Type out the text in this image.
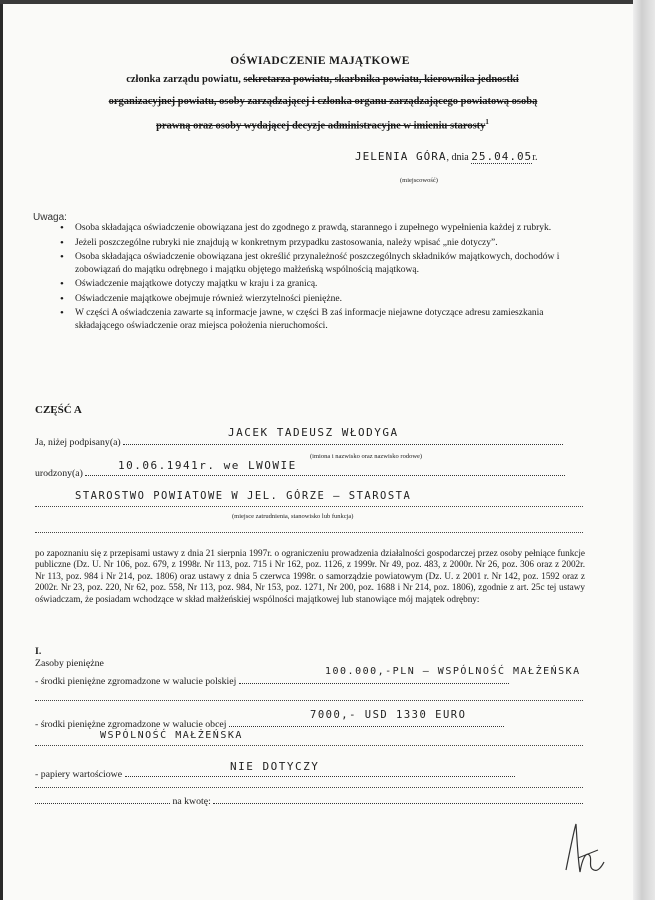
OŚWIADCZENIE MAJĄTKOWE
członka zarządu powiatu, sekretarza powiatu, skarbnika powiatu, kierownika jednostki
organizacyjnej powiatu, osoby zarządzającej i członka organu zarządzającego powiatową osobą
prawną oraz osoby wydającej decyzje administracyjne w imieniu starosty$^1$
JELENIA GÓRA, dnia 25.04.05r.
(miejscowość)
Uwaga:
• Osoba składająca oświadczenie obowiązana jest do zgodnego z prawdą, starannego i zupełnego wypełnienia każdej z rubryk.
• Jeżeli poszczególne rubryki nie znajdują w konkretnym przypadku zastosowania, należy wpisać „nie dotyczy”.
• Osoba składająca oświadczenie obowiązana jest określić przynależność poszczególnych składników majątkowych, dochodów i zobowiązań do majątku odrębnego i majątku objętego małżeńską wspólnością majątkową.
• Oświadczenie majątkowe dotyczy majątku w kraju i za granicą.
• Oświadczenie majątkowe obejmuje również wierzytelności pieniężne.
• W części A oświadczenia zawarte są informacje jawne, w części B zaś informacje niejawne dotyczące adresu zamieszkania składającego oświadczenie oraz miejsca położenia nieruchomości.
CZĘŚĆ A
Ja, niżej podpisany(a)
JACEK TADEUSZ WŁODYGA
(imiona i nazwisko oraz nazwisko rodowe)
urodzony(a)
10.06.1941r. we LWOWIE
STAROSTWO POWIATOWE W JEL. GÓRZE – STAROSTA
(miejsce zatrudnienia, stanowisko lub funkcja)
po zapoznaniu się z przepisami ustawy z dnia 21 sierpnia 1997r. o ograniczeniu prowadzenia działalności gospodarczej przez osoby pełniące funkcje publiczne (Dz. U. Nr 106, poz. 679, z 1998r. Nr 113, poz. 715 i Nr 162, poz. 1126, z 1999r. Nr 49, poz. 483, z 2000r. Nr 26, poz. 306 oraz z 2002r. Nr 113, poz. 984 i Nr 214, poz. 1806) oraz ustawy z dnia 5 czerwca 1998r. o samorządzie powiatowym (Dz. U. z 2001 r. Nr 142, poz. 1592 oraz z 2002r. Nr 23, poz. 220, Nr 62, poz. 558, Nr 113, poz. 984, Nr 153, poz. 1271, Nr 200, poz. 1688 i Nr 214, poz. 1806), zgodnie z art. 25c tej ustawy oświadczam, że posiadam wchodzące w skład małżeńskiej wspólności majątkowej lub stanowiące mój majątek odrębny:
I.
Zasoby pieniężne
- środki pieniężne zgromadzone w walucie polskiej
100.000,-PLN – WSPÓLNOŚĆ MAŁŻEŃSKA
- środki pieniężne zgromadzone w walucie obcej
7000,- USD 1330 EURO
WSPÓLNOŚĆ MAŁŻEŃSKA
- papiery wartościowe
NIE DOTYCZY
na kwotę:
